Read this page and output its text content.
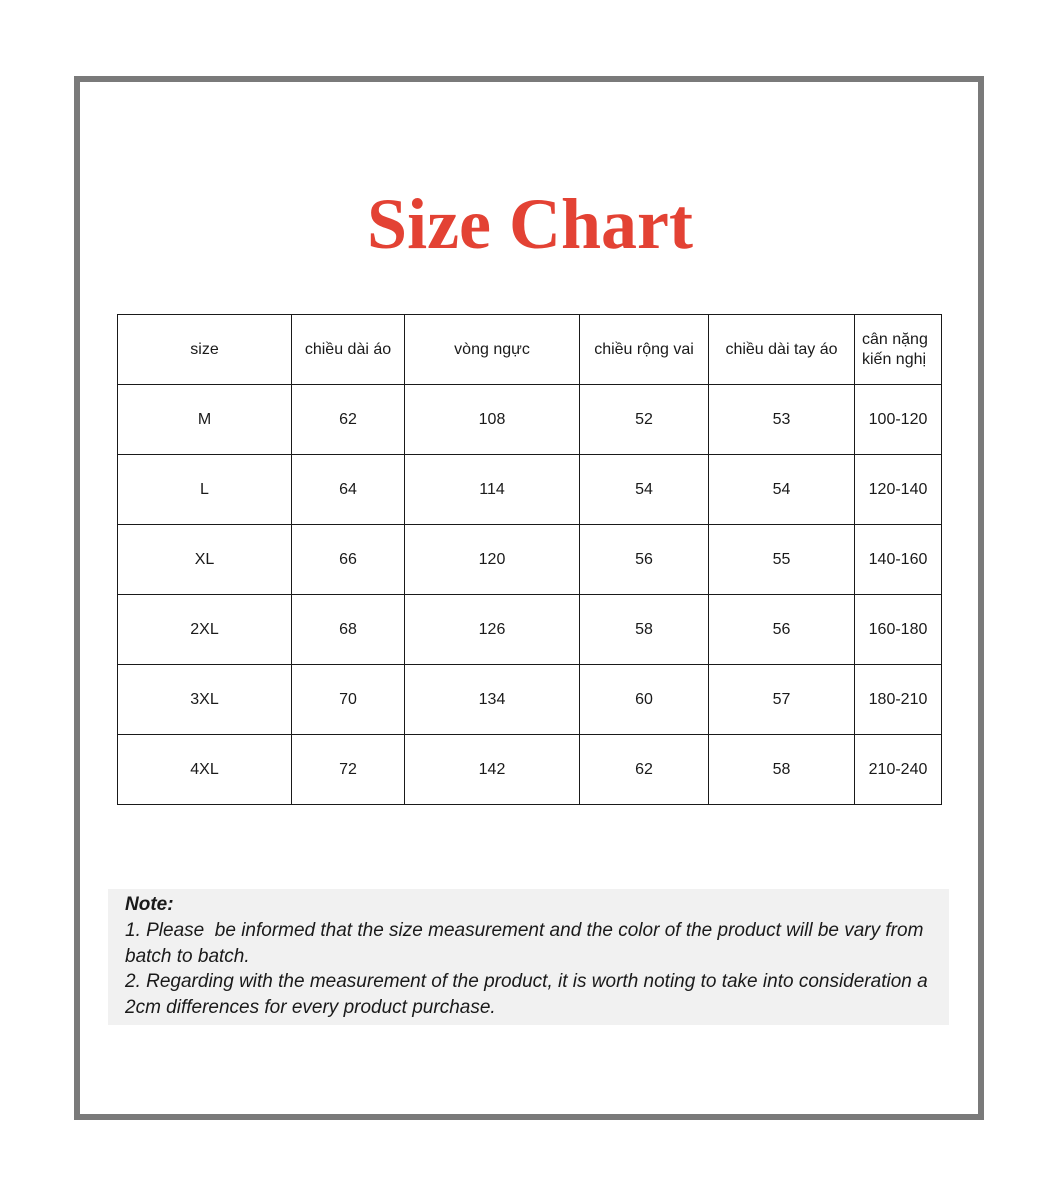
Size Chart
size	chiều dài áo	vòng ngực	chiều rộng vai	chiều dài tay áo	cân nặng kiến nghị
M	62	108	52	53	100-120
L	64	114	54	54	120-140
XL	66	120	56	55	140-160
2XL	68	126	58	56	160-180
3XL	70	134	60	57	180-210
4XL	72	142	62	58	210-240
Note:
1. Please  be informed that the size measurement and the color of the product will be vary from batch to batch.
2. Regarding with the measurement of the product, it is worth noting to take into consideration a 2cm differences for every product purchase.
